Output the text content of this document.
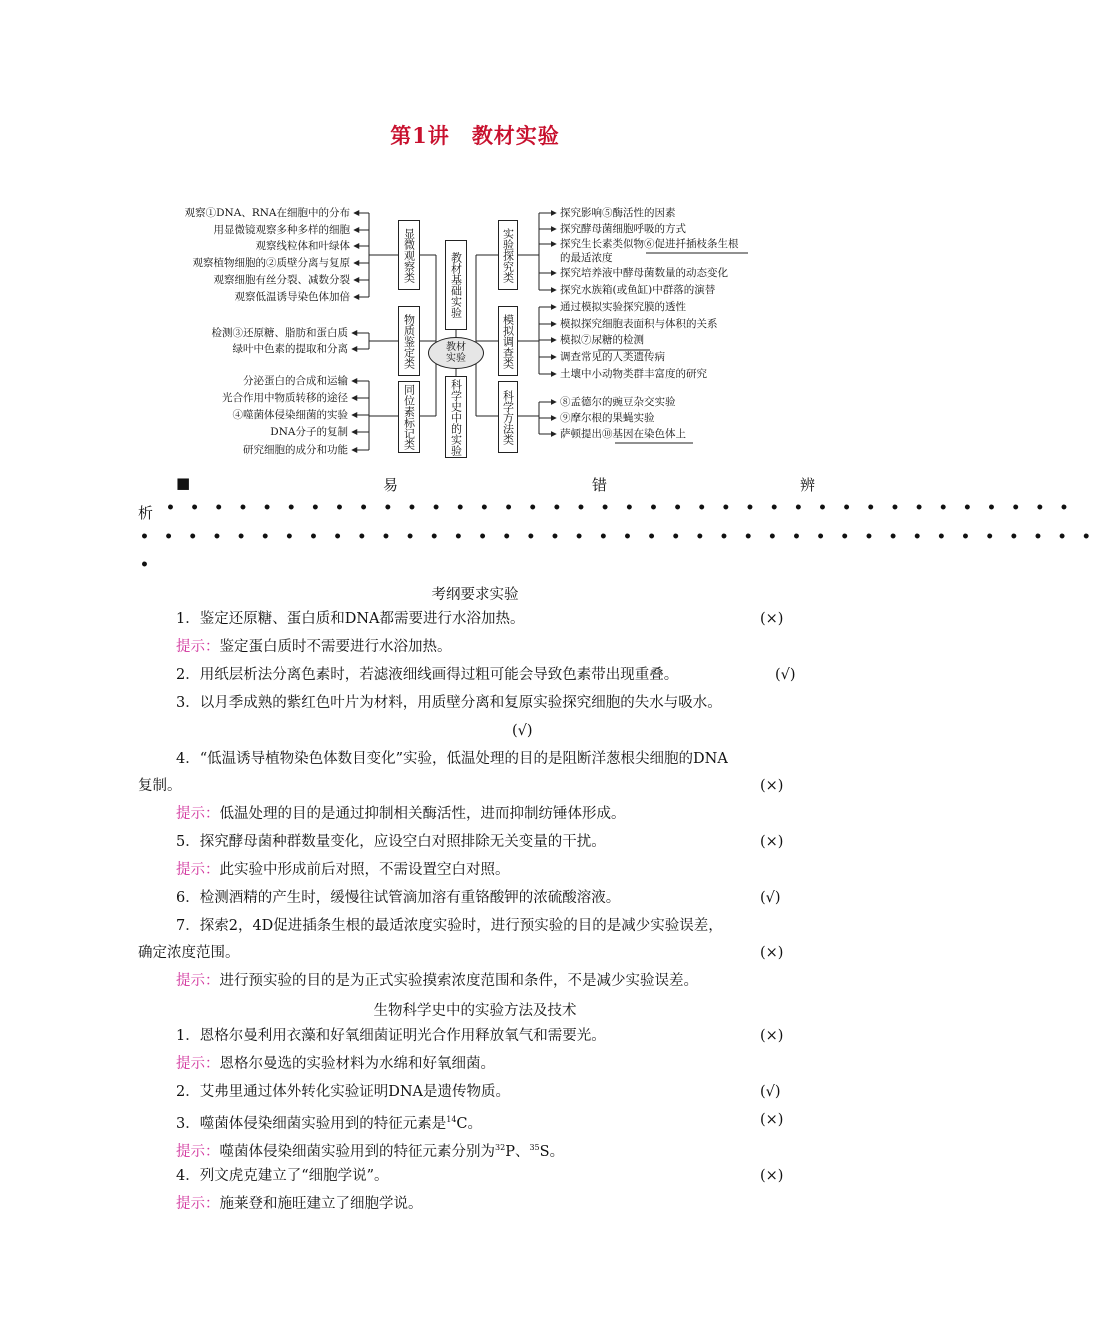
第1讲 教材实验
观察①DNA、RNA在细胞中的分布
用显微镜观察多种多样的细胞
观察线粒体和叶绿体
观察植物细胞的②质壁分离与复原
观察细胞有丝分裂、减数分裂
观察低温诱导染色体加倍
检测③还原糖、脂肪和蛋白质
绿叶中色素的提取和分离
分泌蛋白的合成和运输
光合作用中物质转移的途径
④噬菌体侵染细菌的实验
DNA分子的复制
研究细胞的成分和功能
显微观察类
物质鉴定类
同位素标记类
教材基础实验
教材实验
科学史中的实验
实验探究类
模拟调查类
科学方法类
探究影响⑤酶活性的因素
探究酵母菌细胞呼吸的方式
探究生长素类似物⑥促进扦插枝条生根
的最适浓度
探究培养液中酵母菌数量的动态变化
探究水族箱(或鱼缸)中群落的演替
通过模拟实验探究膜的透性
模拟探究细胞表面积与体积的关系
模拟⑦尿糖的检测
调查常见的人类遗传病
土壤中小动物类群丰富度的研究
⑧孟德尔的豌豆杂交实验
⑨摩尔根的果蝇实验
萨顿提出⑩基因在染色体上
■	易	错	辨
析 ••••••••••••••••••••••••••••••••••••••
••••••••••••••••••••••••••••••••••••••••
•
考纲要求实验
1．鉴定还原糖、蛋白质和DNA都需要进行水浴加热。	(×)
提示：鉴定蛋白质时不需要进行水浴加热。
2．用纸层析法分离色素时，若滤液细线画得过粗可能会导致色素带出现重叠。	(√)
3．以月季成熟的紫红色叶片为材料，用质壁分离和复原实验探究细胞的失水与吸水。
(√)
4．“低温诱导植物染色体数目变化”实验，低温处理的目的是阻断洋葱根尖细胞的DNA
复制。	(×)
提示：低温处理的目的是通过抑制相关酶活性，进而抑制纺锤体形成。
5．探究酵母菌种群数量变化，应设空白对照排除无关变量的干扰。	(×)
提示：此实验中形成前后对照，不需设置空白对照。
6．检测酒精的产生时，缓慢往试管滴加溶有重铬酸钾的浓硫酸溶液。	(√)
7．探索2，4D促进插条生根的最适浓度实验时，进行预实验的目的是减少实验误差，
确定浓度范围。	(×)
提示：进行预实验的目的是为正式实验摸索浓度范围和条件，不是减少实验误差。
生物科学史中的实验方法及技术
1．恩格尔曼利用衣藻和好氧细菌证明光合作用释放氧气和需要光。	(×)
提示：恩格尔曼选的实验材料为水绵和好氧细菌。
2．艾弗里通过体外转化实验证明DNA是遗传物质。	(√)
3．噬菌体侵染细菌实验用到的特征元素是$^{14}$C。	(×)
提示：噬菌体侵染细菌实验用到的特征元素分别为$^{32}$P、$^{35}$S。
4．列文虎克建立了“细胞学说”。	(×)
提示：施莱登和施旺建立了细胞学说。
